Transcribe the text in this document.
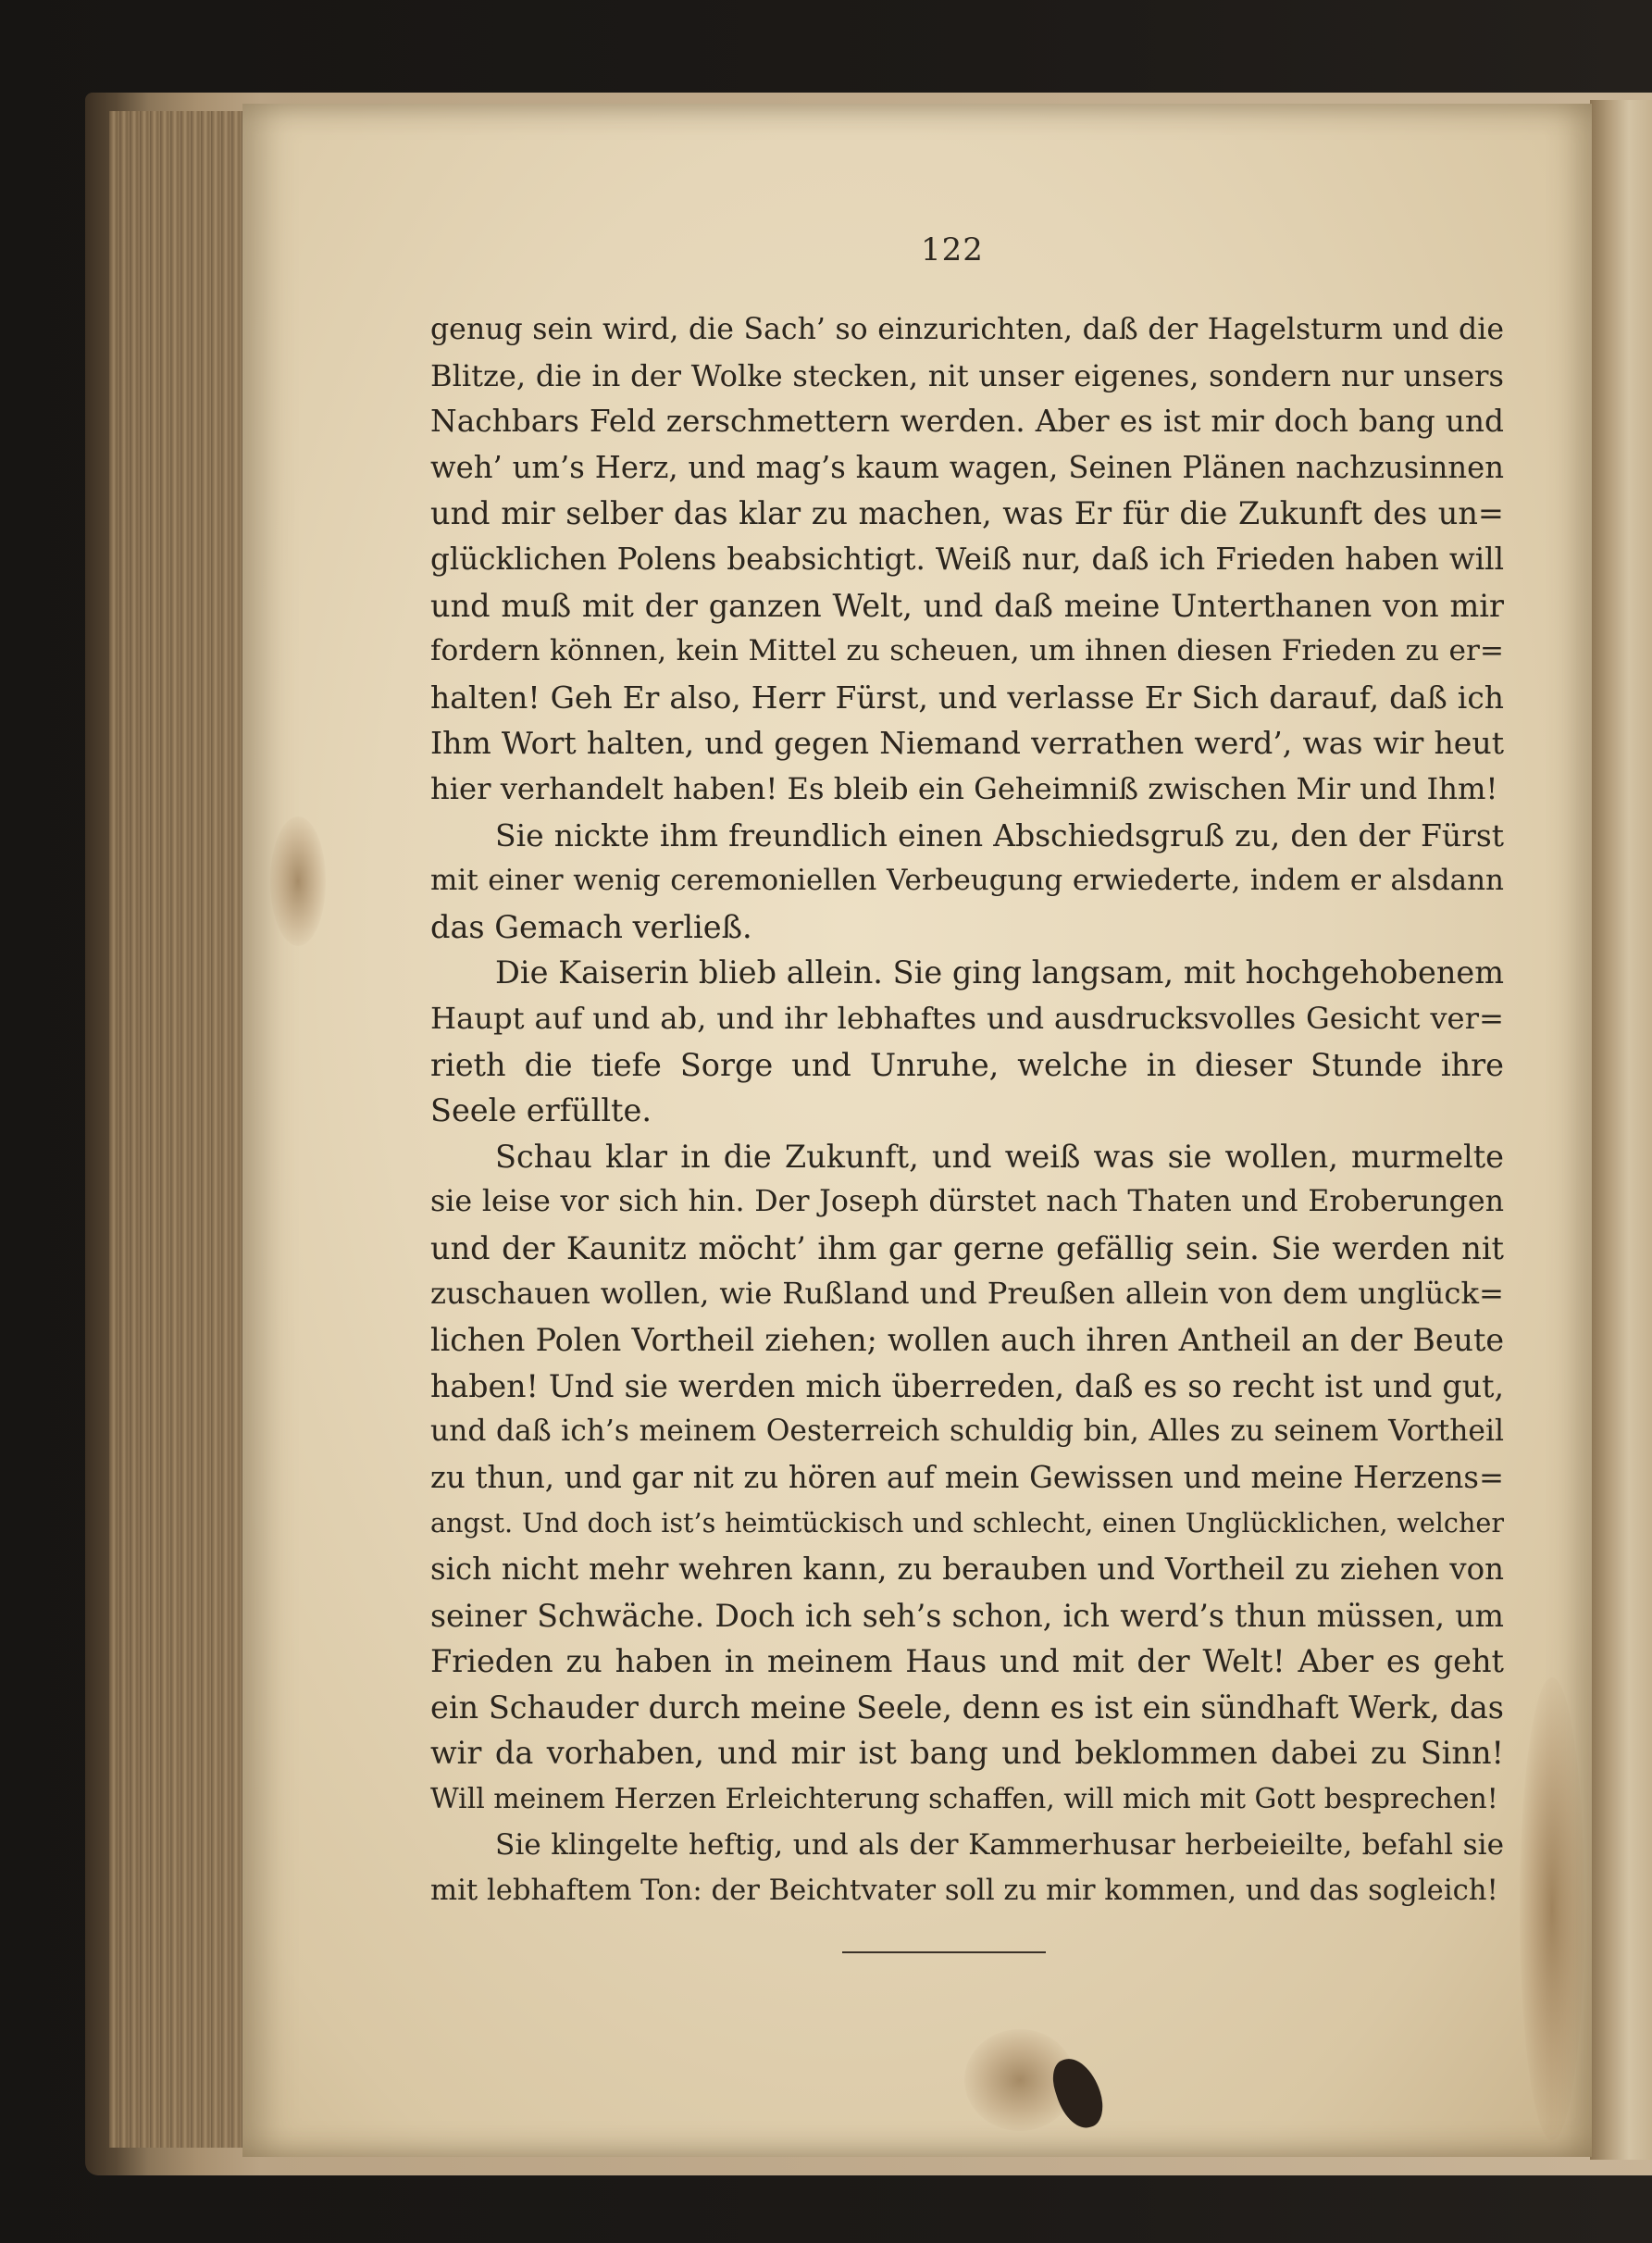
122
genug sein wird, die Sach’ so einzurichten, daß der Hagelsturm und die
Blitze, die in der Wolke stecken, nit unser eigenes, sondern nur unsers
Nachbars Feld zerschmettern werden. Aber es ist mir doch bang und
weh’ um’s Herz, und mag’s kaum wagen, Seinen Plänen nachzusinnen
und mir selber das klar zu machen, was Er für die Zukunft des un=
glücklichen Polens beabsichtigt. Weiß nur, daß ich Frieden haben will
und muß mit der ganzen Welt, und daß meine Unterthanen von mir
fordern können, kein Mittel zu scheuen, um ihnen diesen Frieden zu er=
halten! Geh Er also, Herr Fürst, und verlasse Er Sich darauf, daß ich
Ihm Wort halten, und gegen Niemand verrathen werd’, was wir heut
hier verhandelt haben! Es bleib ein Geheimniß zwischen Mir und Ihm!
Sie nickte ihm freundlich einen Abschiedsgruß zu, den der Fürst
mit einer wenig ceremoniellen Verbeugung erwiederte, indem er alsdann
das Gemach verließ.
Die Kaiserin blieb allein. Sie ging langsam, mit hochgehobenem
Haupt auf und ab, und ihr lebhaftes und ausdrucksvolles Gesicht ver=
rieth die tiefe Sorge und Unruhe, welche in dieser Stunde ihre
Seele erfüllte.
Schau klar in die Zukunft, und weiß was sie wollen, murmelte
sie leise vor sich hin. Der Joseph dürstet nach Thaten und Eroberungen
und der Kaunitz möcht’ ihm gar gerne gefällig sein. Sie werden nit
zuschauen wollen, wie Rußland und Preußen allein von dem unglück=
lichen Polen Vortheil ziehen; wollen auch ihren Antheil an der Beute
haben! Und sie werden mich überreden, daß es so recht ist und gut,
und daß ich’s meinem Oesterreich schuldig bin, Alles zu seinem Vortheil
zu thun, und gar nit zu hören auf mein Gewissen und meine Herzens=
angst. Und doch ist’s heimtückisch und schlecht, einen Unglücklichen, welcher
sich nicht mehr wehren kann, zu berauben und Vortheil zu ziehen von
seiner Schwäche. Doch ich seh’s schon, ich werd’s thun müssen, um
Frieden zu haben in meinem Haus und mit der Welt! Aber es geht
ein Schauder durch meine Seele, denn es ist ein sündhaft Werk, das
wir da vorhaben, und mir ist bang und beklommen dabei zu Sinn!
Will meinem Herzen Erleichterung schaffen, will mich mit Gott besprechen!
Sie klingelte heftig, und als der Kammerhusar herbeieilte, befahl sie
mit lebhaftem Ton: der Beichtvater soll zu mir kommen, und das sogleich!
